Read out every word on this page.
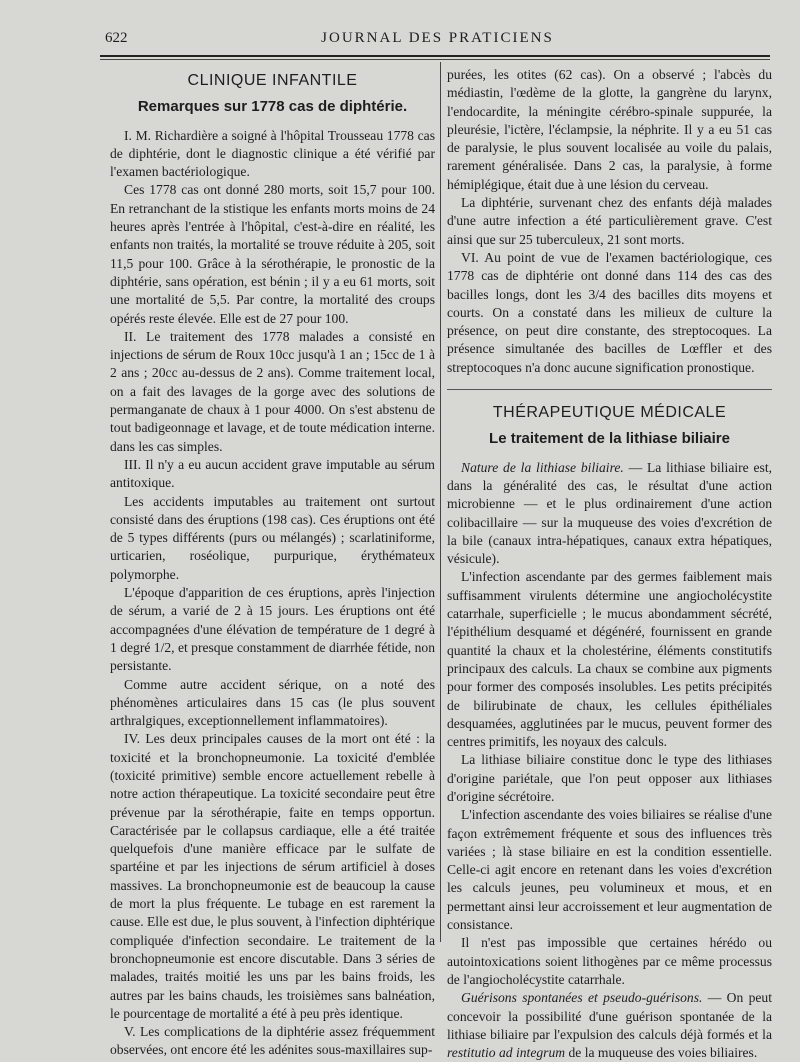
622	JOURNAL DES PRATICIENS
CLINIQUE INFANTILE
Remarques sur 1778 cas de diphtérie.

I. M. Richardière a soigné à l'hôpital Trousseau 1778 cas de diphtérie, dont le diagnostic clinique a été vérifié par l'examen bactériologique.

Ces 1778 cas ont donné 280 morts, soit 15,7 pour 100. En retranchant de la stistique les enfants morts moins de 24 heures après l'entrée à l'hôpital, c'est-à-dire en réalité, les enfants non traités, la mortalité se trouve réduite à 205, soit 11,5 pour 100. Grâce à la sérothérapie, le pronostic de la diphtérie, sans opération, est bénin ; il y a eu 61 morts, soit une mortalité de 5,5. Par contre, la mortalité des croups opérés reste élevée. Elle est de 27 pour 100.

II. Le traitement des 1778 malades a consisté en injections de sérum de Roux 10cc jusqu'à 1 an ; 15cc de 1 à 2 ans ; 20cc au-dessus de 2 ans). Comme traitement local, on a fait des lavages de la gorge avec des solutions de permanganate de chaux à 1 pour 4000. On s'est abstenu de tout badigeonnage et lavage, et de toute médication interne. dans les cas simples.

III. Il n'y a eu aucun accident grave imputable au sérum antitoxique.

Les accidents imputables au traitement ont surtout consisté dans des éruptions (198 cas). Ces éruptions ont été de 5 types différents (purs ou mélangés) ; scarlatiniforme, urticarien, roséolique, purpurique, érythémateux polymorphe.

L'époque d'apparition de ces éruptions, après l'injection de sérum, a varié de 2 à 15 jours. Les éruptions ont été accompagnées d'une élévation de température de 1 degré à 1 degré 1/2, et presque constamment de diarrhée fétide, non persistante.

Comme autre accident sérique, on a noté des phénomènes articulaires dans 15 cas (le plus souvent arthralgiques, exceptionnellement inflammatoires).

IV. Les deux principales causes de la mort ont été : la toxicité et la bronchopneumonie. La toxicité d'emblée (toxicité primitive) semble encore actuellement rebelle à notre action thérapeutique. La toxicité secondaire peut être prévenue par la sérothérapie, faite en temps opportun. Caractérisée par le collapsus cardiaque, elle a été traitée quelquefois d'une manière efficace par le sulfate de spartéine et par les injections de sérum artificiel à doses massives. La bronchopneumonie est de beaucoup la cause de mort la plus fréquente. Le tubage en est rarement la cause. Elle est due, le plus souvent, à l'infection diphtérique compliquée d'infection secondaire. Le traitement de la bronchopneumonie est encore discutable. Dans 3 séries de malades, traités moitié les uns par les bains froids, les autres par les bains chauds, les troisièmes sans balnéation, le pourcentage de mortalité a été à peu près identique.

V. Les complications de la diphtérie assez fréquemment observées, ont encore été les adénites sous-maxillaires sup-

purées, les otites (62 cas). On a observé ; l'abcès du médiastin, l'œdème de la glotte, la gangrène du larynx, l'endocardite, la méningite cérébro-spinale suppurée, la pleurésie, l'ictère, l'éclampsie, la néphrite. Il y a eu 51 cas de paralysie, le plus souvent localisée au voile du palais, rarement généralisée. Dans 2 cas, la paralysie, à forme hémiplégique, était due à une lésion du cerveau.

La diphtérie, survenant chez des enfants déjà malades d'une autre infection a été particulièrement grave. C'est ainsi que sur 25 tuberculeux, 21 sont morts.

VI. Au point de vue de l'examen bactériologique, ces 1778 cas de diphtérie ont donné dans 114 des cas des bacilles longs, dont les 3/4 des bacilles dits moyens et courts. On a constaté dans les milieux de culture la présence, on peut dire constante, des streptocoques. La présence simultanée des bacilles de Lœffler et des streptocoques n'a donc aucune signification pronostique.

THÉRAPEUTIQUE MÉDICALE
Le traitement de la lithiase biliaire

Nature de la lithiase biliaire. — La lithiase biliaire est, dans la généralité des cas, le résultat d'une action microbienne — et le plus ordinairement d'une action colibacillaire — sur la muqueuse des voies d'excrétion de la bile (canaux intra-hépatiques, canaux extra hépatiques, vésicule).

L'infection ascendante par des germes faiblement mais suffisamment virulents détermine une angiocholécystite catarrhale, superficielle ; le mucus abondamment sécrété, l'épithélium desquamé et dégénéré, fournissent en grande quantité la chaux et la cholestérine, éléments constitutifs principaux des calculs. La chaux se combine aux pigments pour former des composés insolubles. Les petits précipités de bilirubinate de chaux, les cellules épithéliales desquamées, agglutinées par le mucus, peuvent former des centres primitifs, les noyaux des calculs.

La lithiase biliaire constitue donc le type des lithiases d'origine pariétale, que l'on peut opposer aux lithiases d'origine sécrétoire.

L'infection ascendante des voies biliaires se réalise d'une façon extrêmement fréquente et sous des influences très variées ; là stase biliaire en est la condition essentielle. Celle-ci agit encore en retenant dans les voies d'excrétion les calculs jeunes, peu volumineux et mous, et en permettant ainsi leur accroissement et leur augmentation de consistance.

Il n'est pas impossible que certaines hérédo ou autointoxications soient lithogènes par ce même processus de l'angiocholécystite catarrhale.

Guérisons spontanées et pseudo-guérisons. — On peut concevoir la possibilité d'une guérison spontanée de la lithiase biliaire par l'expulsion des calculs déjà formés et la restitutio ad integrum de la muqueuse des voies biliaires.
